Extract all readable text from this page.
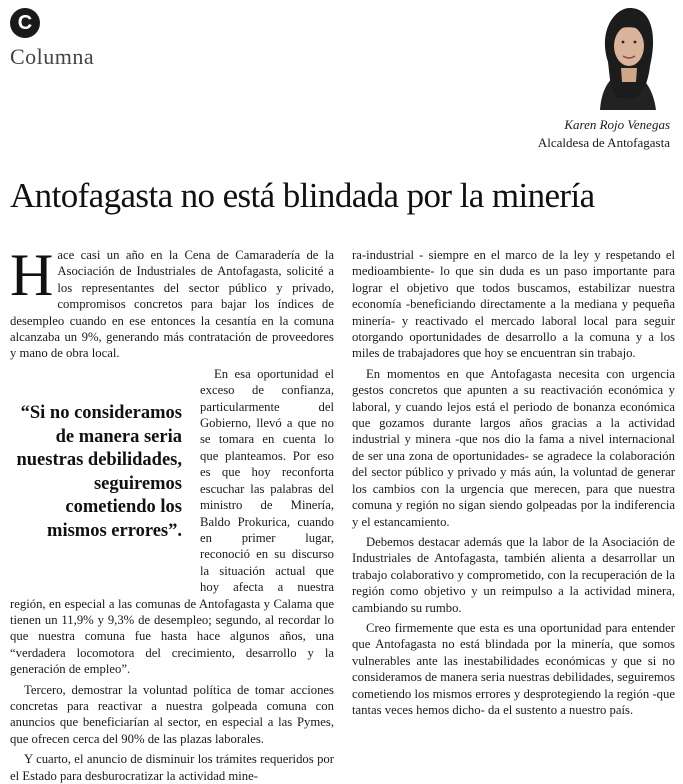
C
Columna
Karen Rojo Venegas
Alcaldesa de Antofagasta
Antofagasta no está blindada por la minería

Hace casi un año en la Cena de Camaradería de la Asociación de Industriales de Antofagasta, solicité a los representantes del sector público y privado, compromisos concretos para bajar los índices de desempleo cuando en ese entonces la cesantía en la comuna alcanzaba un 9%, generando más contratación de proveedores y mano de obra local.

En esa oportunidad el exceso de confianza, particularmente del Gobierno, llevó a que no se tomara en cuenta lo que planteamos. Por eso es que hoy reconforta escuchar las palabras del ministro de Minería, Baldo Prokurica, cuando en primer lugar, reconoció en su discurso la situación actual que hoy afecta a nuestra región, en especial a las comunas de Antofagasta y Calama que tienen un 11,9% y 9,3% de desempleo; segundo, al recordar lo que nuestra comuna fue hasta hace algunos años, una “verdadera locomotora del crecimiento, desarrollo y la generación de empleo”.

Tercero, demostrar la voluntad política de tomar acciones concretas para reactivar a nuestra golpeada comuna con anuncios que beneficiarían al sector, en especial a las Pymes, que ofrecen cerca del 90% de las plazas laborales.

Y cuarto, el anuncio de disminuir los trámites requeridos por el Estado para desburocratizar la actividad mine-

“Si no consideramos de manera seria nuestras debilidades, seguiremos cometiendo los mismos errores”.

ra-industrial - siempre en el marco de la ley y respetando el medioambiente- lo que sin duda es un paso importante para lograr el objetivo que todos buscamos, estabilizar nuestra economía -beneficiando directamente a la mediana y pequeña minería- y reactivado el mercado laboral local para seguir otorgando oportunidades de desarrollo a la comuna y a los miles de trabajadores que hoy se encuentran sin trabajo.

En momentos en que Antofagasta necesita con urgencia gestos concretos que apunten a su reactivación económica y laboral, y cuando lejos está el periodo de bonanza económica que gozamos durante largos años gracias a la actividad industrial y minera -que nos dio la fama a nivel internacional de ser una zona de oportunidades- se agradece la colaboración del sector público y privado y más aún, la voluntad de generar los cambios con la urgencia que merecen, para que nuestra comuna y región no sigan siendo golpeadas por la indiferencia y el estancamiento.

Debemos destacar además que la labor de la Asociación de Industriales de Antofagasta, también alienta a desarrollar un trabajo colaborativo y comprometido, con la recuperación de la región como objetivo y un reimpulso a la actividad minera, cambiando su rumbo.

Creo firmemente que esta es una oportunidad para entender que Antofagasta no está blindada por la minería, que somos vulnerables ante las inestabilidades económicas y que si no consideramos de manera seria nuestras debilidades, seguiremos cometiendo los mismos errores y desprotegiendo la región -que tantas veces hemos dicho- da el sustento a nuestro país.
